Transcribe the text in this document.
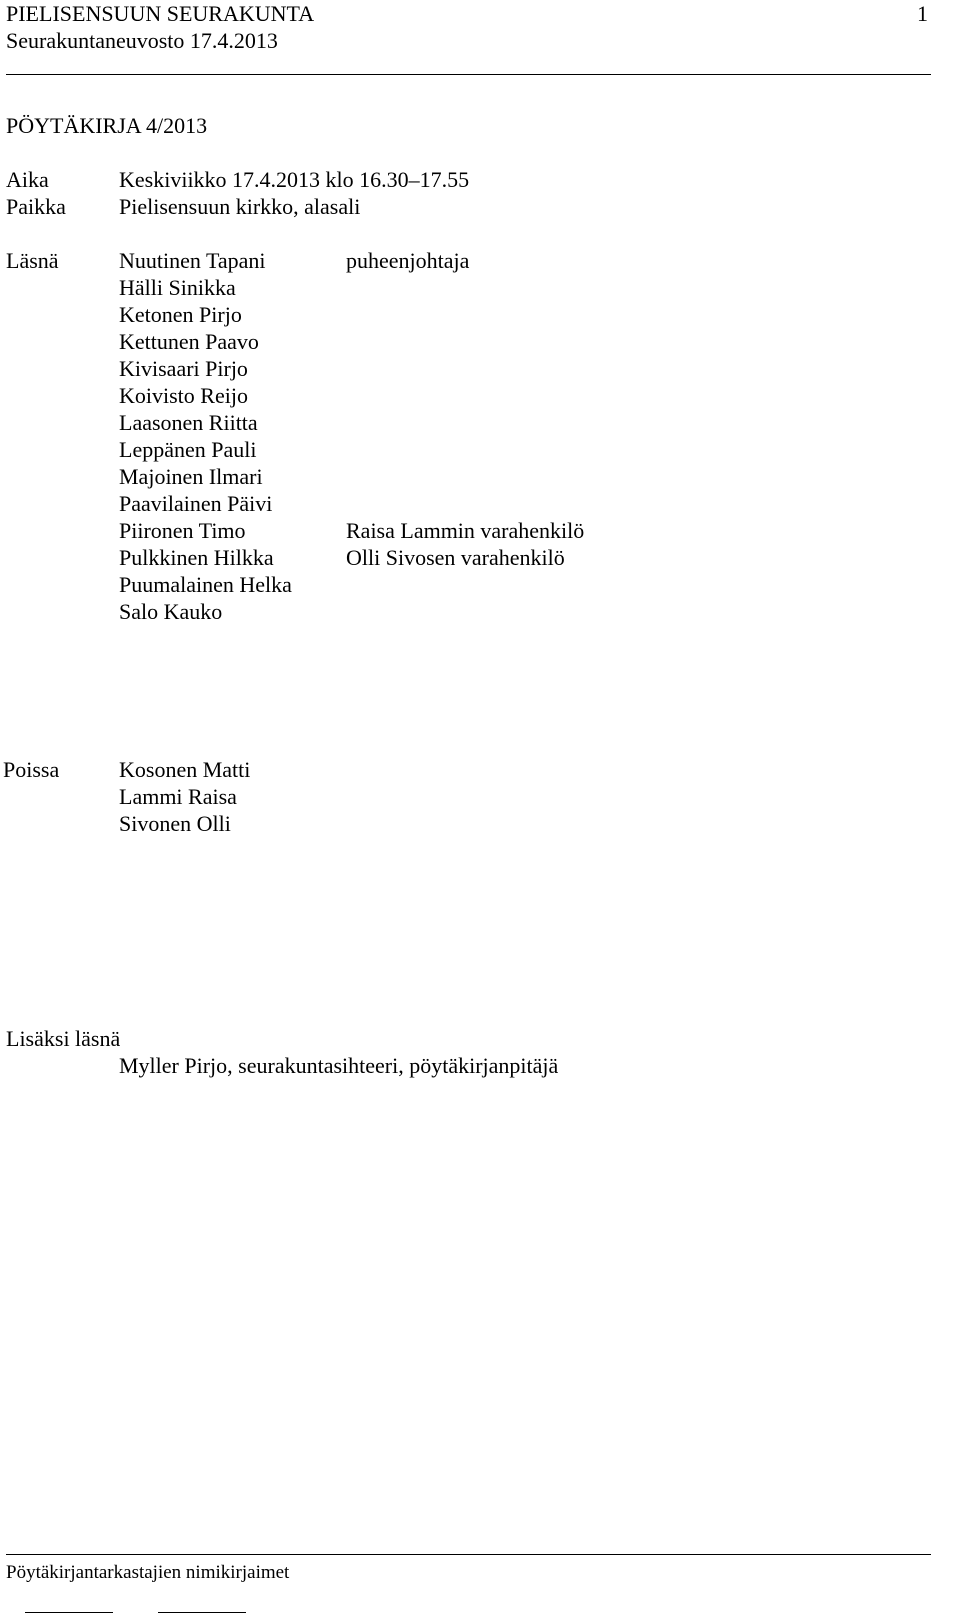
PIELISENSUUN SEURAKUNTA	1
Seurakuntaneuvosto 17.4.2013
PÖYTÄKIRJA 4/2013
Aika	Keskiviikko 17.4.2013 klo 16.30–17.55
Paikka Pielisensuun kirkko, alasali
Läsnä	Nuutinen Tapani	puheenjohtaja
Hälli Sinikka
Ketonen Pirjo
Kettunen Paavo
Kivisaari Pirjo
Koivisto Reijo
Laasonen Riitta
Leppänen Pauli
Majoinen Ilmari
Paavilainen Päivi
Piironen Timo	Raisa Lammin varahenkilö
Pulkkinen Hilkka	Olli Sivosen varahenkilö
Puumalainen Helka
Salo Kauko
Poissa	Kosonen Matti
Lammi Raisa
Sivonen Olli
Lisäksi läsnä
Myller Pirjo, seurakuntasihteeri, pöytäkirjanpitäjä
Pöytäkirjantarkastajien nimikirjaimet
